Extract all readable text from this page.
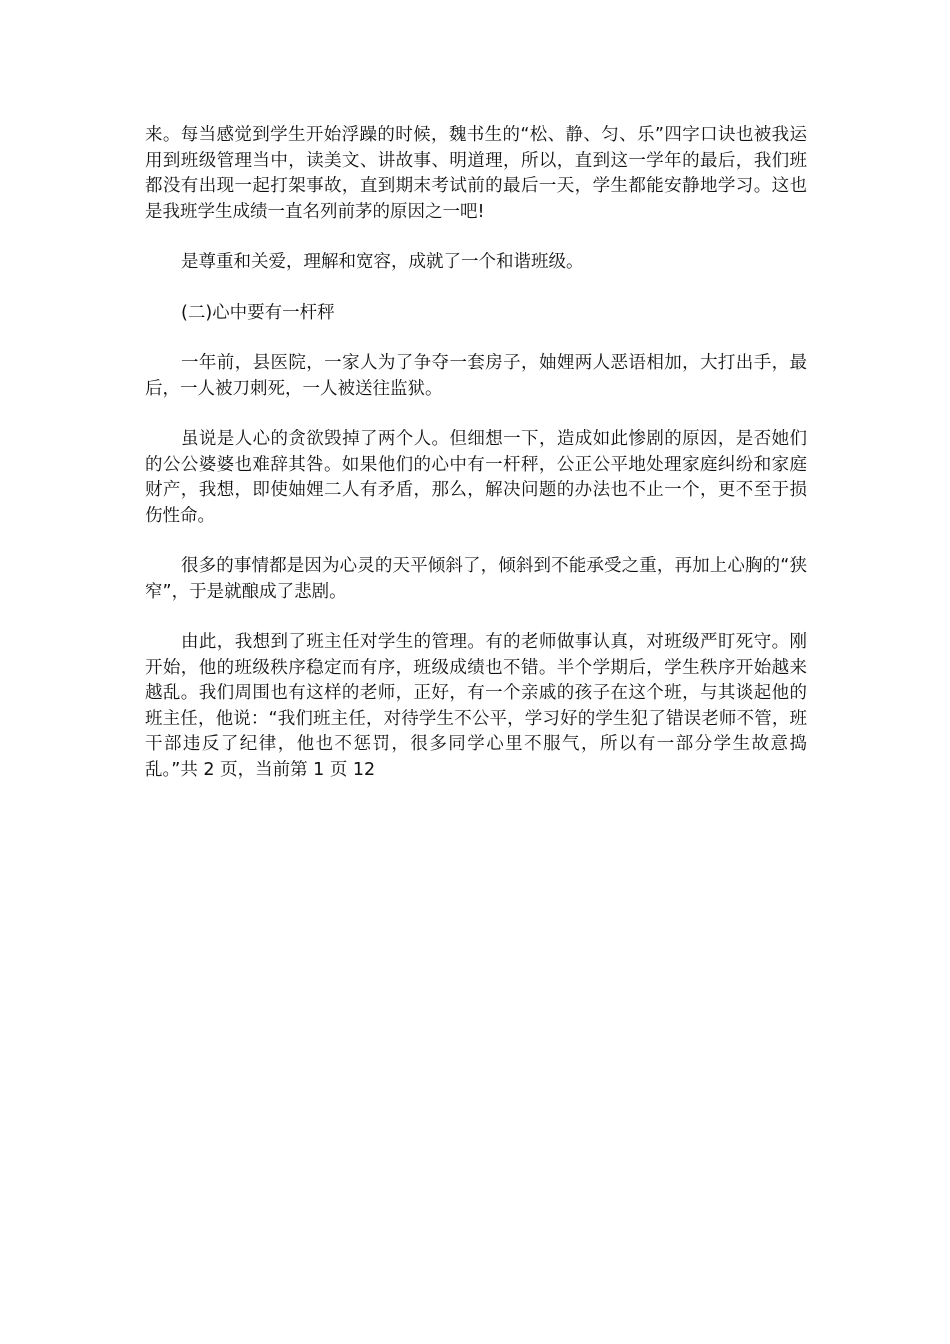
来。每当感觉到学生开始浮躁的时候，魏书生的“松、静、匀、乐”四字口诀也被我运用到班级管理当中，读美文、讲故事、明道理，所以，直到这一学年的最后，我们班都没有出现一起打架事故，直到期末考试前的最后一天，学生都能安静地学习。这也是我班学生成绩一直名列前茅的原因之一吧!

是尊重和关爱，理解和宽容，成就了一个和谐班级。

(二)心中要有一杆秤

一年前，县医院，一家人为了争夺一套房子，妯娌两人恶语相加，大打出手，最后，一人被刀刺死，一人被送往监狱。

虽说是人心的贪欲毁掉了两个人。但细想一下，造成如此惨剧的原因，是否她们的公公婆婆也难辞其咎。如果他们的心中有一杆秤，公正公平地处理家庭纠纷和家庭财产，我想，即使妯娌二人有矛盾，那么，解决问题的办法也不止一个，更不至于损伤性命。

很多的事情都是因为心灵的天平倾斜了，倾斜到不能承受之重，再加上心胸的“狭窄”，于是就酿成了悲剧。

由此，我想到了班主任对学生的管理。有的老师做事认真，对班级严盯死守。刚开始，他的班级秩序稳定而有序，班级成绩也不错。半个学期后，学生秩序开始越来越乱。我们周围也有这样的老师，正好，有一个亲戚的孩子在这个班，与其谈起他的班主任，他说：“我们班主任，对待学生不公平，学习好的学生犯了错误老师不管，班干部违反了纪律，他也不惩罚，很多同学心里不服气，所以有一部分学生故意捣乱。”共 2 页，当前第 1 页 12
